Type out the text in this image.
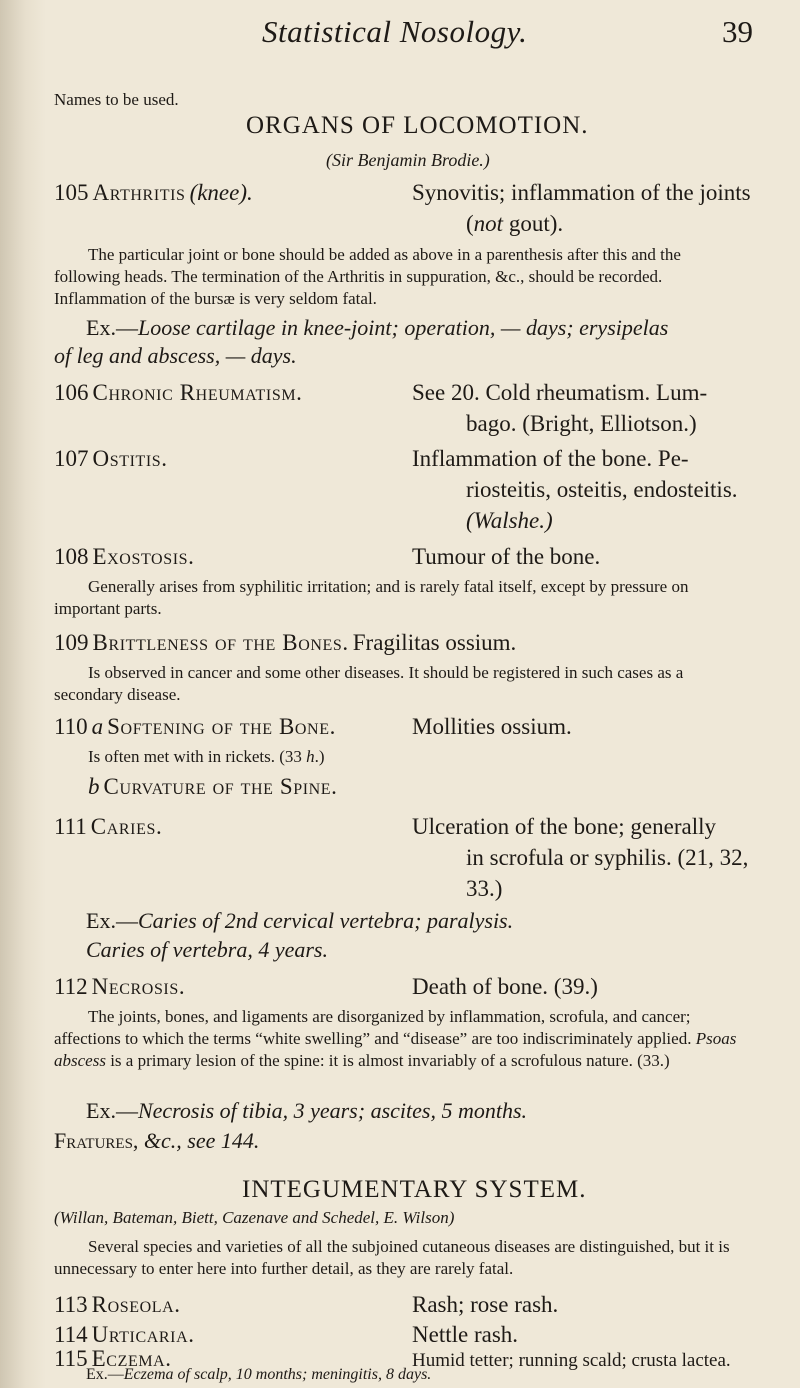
Statistical Nosology.	39
Names to be used.
ORGANS OF LOCOMOTION.
(Sir Benjamin Brodie.)
105 Arthritis (knee).	Synovitis; inflammation of the joints
(not gout).
The particular joint or bone should be added as above in a parenthesis after this and the following heads. The termination of the Arthritis in suppuration, &c., should be recorded. Inflammation of the bursæ is very seldom fatal.
Ex.—Loose cartilage in knee-joint; operation, — days; erysipelas
of leg and abscess, — days.
106 Chronic Rheumatism.	See 20. Cold rheumatism. Lum-
bago. (Bright, Elliotson.)
107 Ostitis.	Inflammation of the bone. Pe-
riosteitis, osteitis, endosteitis.
(Walshe.)
108 Exostosis.	Tumour of the bone.
Generally arises from syphilitic irritation; and is rarely fatal itself, except by pressure on important parts.
109 Brittleness of the Bones. Fragilitas ossium.
Is observed in cancer and some other diseases. It should be registered in such cases as a secondary disease.
110 a Softening of the Bone.	Mollities ossium.
Is often met with in rickets. (33 h.)
b Curvature of the Spine.
111 Caries.	Ulceration of the bone; generally
in scrofula or syphilis. (21, 32,
33.)
Ex.—Caries of 2nd cervical vertebra; paralysis.
Caries of vertebra, 4 years.
112 Necrosis.	Death of bone. (39.)
The joints, bones, and ligaments are disorganized by inflammation, scrofula, and cancer; affections to which the terms “white swelling” and “disease” are too indiscriminately applied. Psoas abscess is a primary lesion of the spine: it is almost invariably of a scrofulous nature. (33.)
Ex.—Necrosis of tibia, 3 years; ascites, 5 months.
Fratures, &c., see 144.
INTEGUMENTARY SYSTEM.
(Willan, Bateman, Biett, Cazenave and Schedel, E. Wilson)
Several species and varieties of all the subjoined cutaneous diseases are distinguished, but it is unnecessary to enter here into further detail, as they are rarely fatal.
113 Roseola.	Rash; rose rash.
114 Urticaria.	Nettle rash.
115 Eczema.	Humid tetter; running scald; crusta lactea.
Ex.—Eczema of scalp, 10 months; meningitis, 8 days.
